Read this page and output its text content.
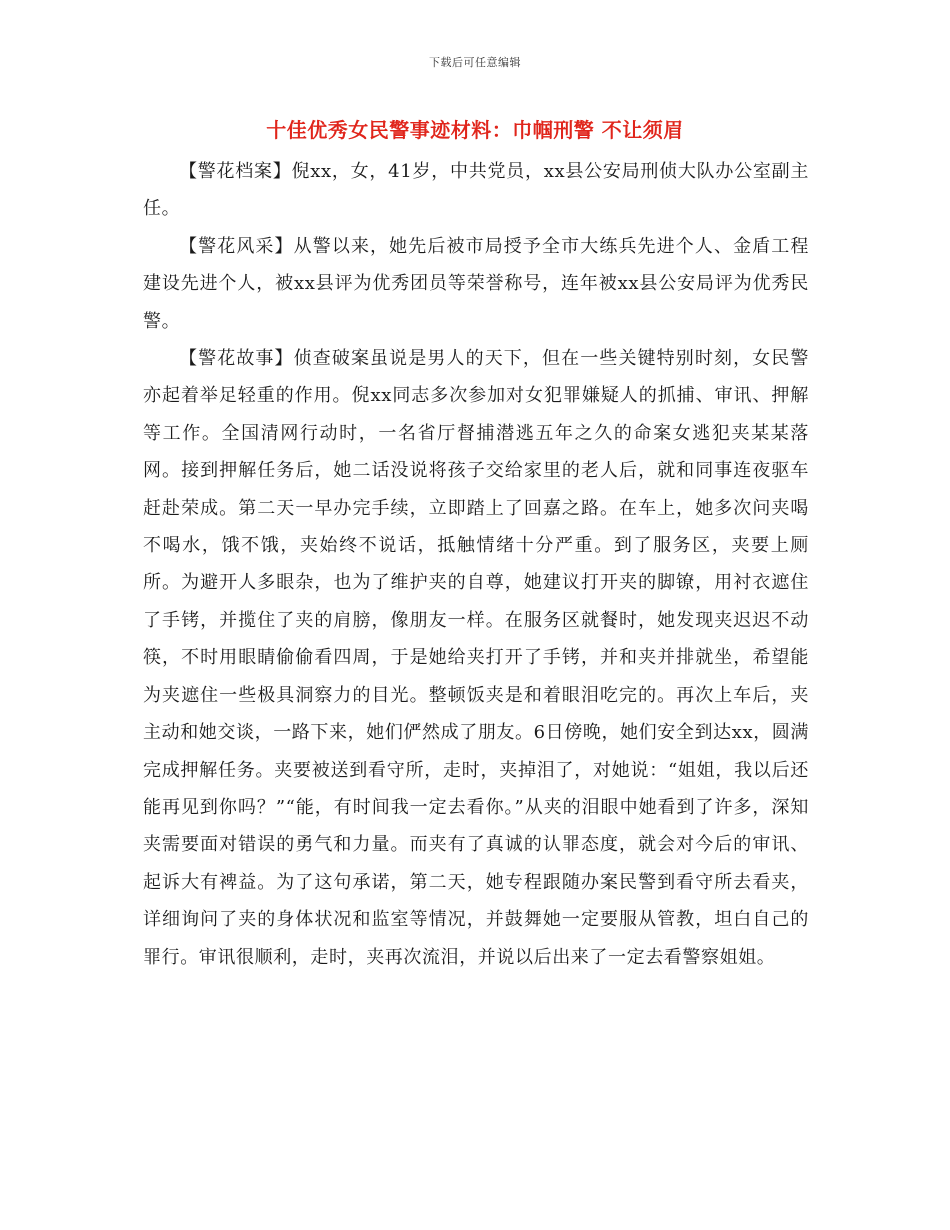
下载后可任意编辑
十佳优秀女民警事迹材料：巾帼刑警 不让须眉

【警花档案】倪xx，女，41岁，中共党员，xx县公安局刑侦大队办公室副主任。

【警花风采】从警以来，她先后被市局授予全市大练兵先进个人、金盾工程建设先进个人，被xx县评为优秀团员等荣誉称号，连年被xx县公安局评为优秀民警。

【警花故事】侦查破案虽说是男人的天下，但在一些关键特别时刻，女民警亦起着举足轻重的作用。倪xx同志多次参加对女犯罪嫌疑人的抓捕、审讯、押解等工作。全国清网行动时，一名省厅督捕潜逃五年之久的命案女逃犯夹某某落网。接到押解任务后，她二话没说将孩子交给家里的老人后，就和同事连夜驱车赶赴荣成。第二天一早办完手续，立即踏上了回嘉之路。在车上，她多次问夹喝不喝水，饿不饿，夹始终不说话，抵触情绪十分严重。到了服务区，夹要上厕所。为避开人多眼杂，也为了维护夹的自尊，她建议打开夹的脚镣，用衬衣遮住了手铐，并揽住了夹的肩膀，像朋友一样。在服务区就餐时，她发现夹迟迟不动筷，不时用眼睛偷偷看四周，于是她给夹打开了手铐，并和夹并排就坐，希望能为夹遮住一些极具洞察力的目光。整顿饭夹是和着眼泪吃完的。再次上车后，夹主动和她交谈，一路下来，她们俨然成了朋友。6日傍晚，她们安全到达xx，圆满完成押解任务。夹要被送到看守所，走时，夹掉泪了，对她说：“姐姐，我以后还能再见到你吗？”“能，有时间我一定去看你。”从夹的泪眼中她看到了许多，深知夹需要面对错误的勇气和力量。而夹有了真诚的认罪态度，就会对今后的审讯、起诉大有裨益。为了这句承诺，第二天，她专程跟随办案民警到看守所去看夹，详细询问了夹的身体状况和监室等情况，并鼓舞她一定要服从管教，坦白自己的罪行。审讯很顺利，走时，夹再次流泪，并说以后出来了一定去看警察姐姐。
